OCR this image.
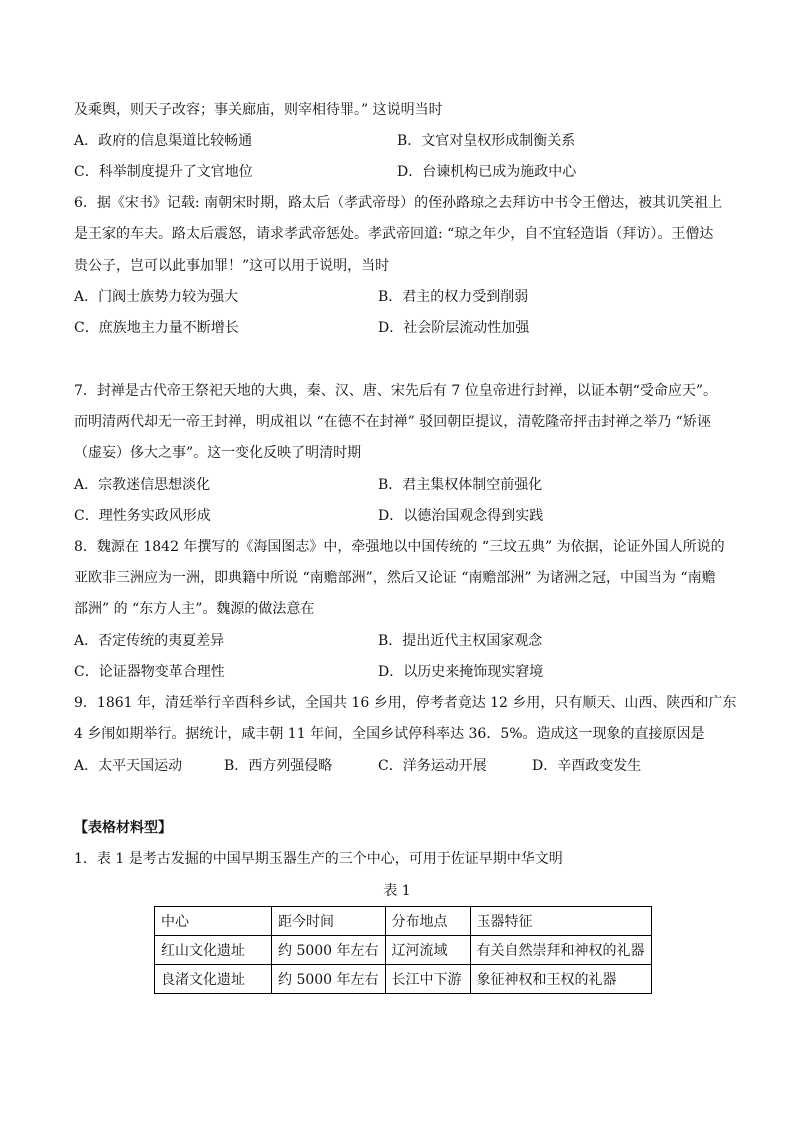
及乘舆，则天子改容；事关廊庙，则宰相待罪。” 这说明当时
A．政府的信息渠道比较畅通	B．文官对皇权形成制衡关系
C．科举制度提升了文官地位	D．台谏机构已成为施政中心
6．据《宋书》记载: 南朝宋时期，路太后（孝武帝母）的侄孙路琼之去拜访中书令王僧达，被其讥笑祖上
是王家的车夫。路太后震怒，请求孝武帝惩处。孝武帝回道: “琼之年少，自不宜轻造诣（拜访）。王僧达
贵公子，岂可以此事加罪！”这可以用于说明，当时
A．门阀士族势力较为强大	B．君主的权力受到削弱
C．庶族地主力量不断增长	D．社会阶层流动性加强
7．封禅是古代帝王祭祀天地的大典，秦、汉、唐、宋先后有 7 位皇帝进行封禅，以证本朝“受命应天”。
而明清两代却无一帝王封禅，明成祖以 “在德不在封禅” 驳回朝臣提议，清乾隆帝抨击封禅之举乃 “矫诬
（虚妄）侈大之事”。这一变化反映了明清时期
A．宗教迷信思想淡化	B．君主集权体制空前强化
C．理性务实政风形成	D．以德治国观念得到实践
8．魏源在 1842 年撰写的《海国图志》中，牵强地以中国传统的 “三坟五典” 为依据，论证外国人所说的
亚欧非三洲应为一洲，即典籍中所说 “南赡部洲”，然后又论证 “南赡部洲” 为诸洲之冠，中国当为 “南赡
部洲” 的 “东方人主”。魏源的做法意在
A．否定传统的夷夏差异	B．提出近代主权国家观念
C．论证器物变革合理性	D．以历史来掩饰现实窘境
9．1861 年，清廷举行辛酉科乡试，全国共 16 乡用，停考者竟达 12 乡用，只有顺天、山西、陕西和广东
4 乡闱如期举行。据统计，咸丰朝 11 年间，全国乡试停科率达 36．5%。造成这一现象的直接原因是
A．太平天国运动	B．西方列强侵略	C．洋务运动开展	D．辛酉政变发生
【表格材料型】
1．表 1 是考古发掘的中国早期玉器生产的三个中心，可用于佐证早期中华文明
表 1
中心	距今时间	分布地点	玉器特征
红山文化遗址	约 5000 年左右	辽河流域	有关自然崇拜和神权的礼器
良渚文化遗址	约 5000 年左右	长江中下游	象征神权和王权的礼器
